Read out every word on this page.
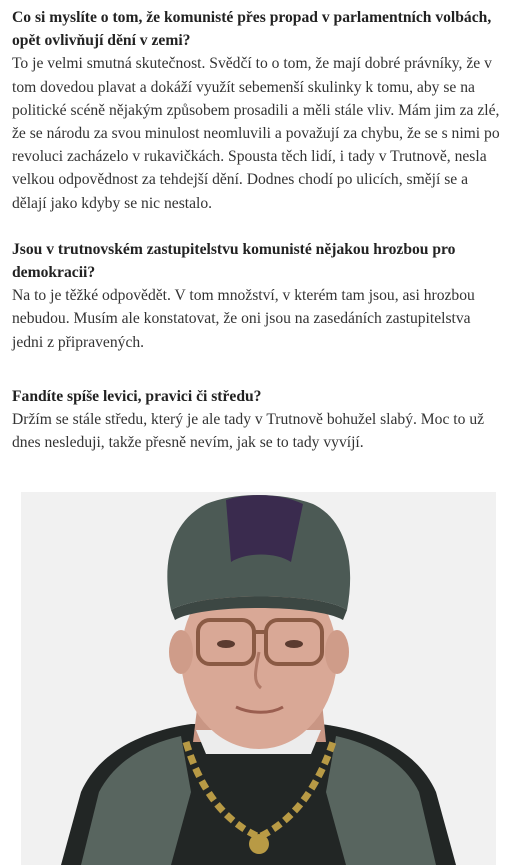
Co si myslíte o tom, že komunisté přes propad v parlamentních volbách, opět ovlivňují dění v zemi?
To je velmi smutná skutečnost. Svědčí to o tom, že mají dobré právníky, že v tom dovedou plavat a dokáží využít sebemenší skulinky k tomu, aby se na politické scéně nějakým způsobem prosadili a měli stále vliv. Mám jim za zlé, že se národu za svou minulost neomluvili a považují za chybu, že se s nimi po revoluci zacházelo v rukavičkách. Spousta těch lidí, i tady v Trutnově, nesla velkou odpovědnost za tehdejší dění. Dodnes chodí po ulicích, smějí se a dělají jako kdyby se nic nestalo.

Jsou v trutnovském zastupitelstvu komunisté nějakou hrozbou pro demokracii?
Na to je těžké odpovědět. V tom množství, v kterém tam jsou, asi hrozbou nebudou. Musím ale konstatovat, že oni jsou na zasedáních zastupitelstva jedni z připravených.

Fandíte spíše levici, pravici či středu?
Držím se stále středu, který je ale tady v Trutnově bohužel slabý. Moc to už dnes nesleduji, takže přesně nevím, jak se to tady vyvíjí.
